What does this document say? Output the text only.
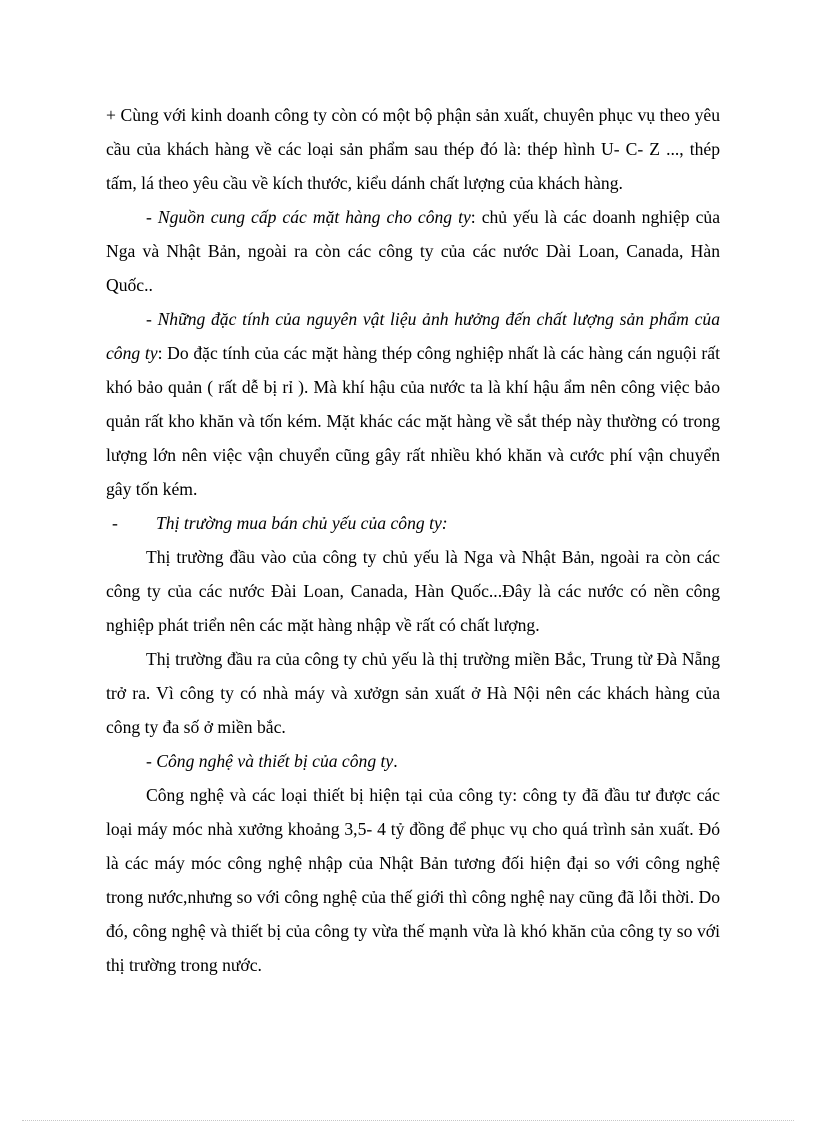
+ Cùng với kinh doanh công ty còn có một bộ phận sản xuất, chuyên phục vụ theo yêu cầu của khách hàng về các loại sản phẩm sau thép đó là: thép hình U- C- Z ..., thép tấm, lá theo yêu cầu về kích thước, kiểu dánh chất lượng của khách hàng.

- Nguồn cung cấp các mặt hàng cho công ty: chủ yếu là các doanh nghiệp của Nga và Nhật Bản, ngoài ra còn các công ty của các nước Dài Loan, Canada, Hàn Quốc..

- Những đặc tính của nguyên vật liệu ảnh hưởng đến chất lượng sản phẩm của công ty: Do đặc tính của các mặt hàng thép công nghiệp nhất là các hàng cán nguội rất khó bảo quản ( rất dễ bị rỉ ). Mà khí hậu của nước ta là khí hậu ẩm nên công việc bảo quản rất kho khăn và tốn kém. Mặt khác các mặt hàng về sắt thép này thường có trong lượng lớn nên việc vận chuyển cũng gây rất nhiều khó khăn và cước phí vận chuyển gây tốn kém.

- Thị trường mua bán chủ yếu của công ty:

Thị trường đầu vào của công ty chủ yếu là Nga và Nhật Bản, ngoài ra còn các công ty của các nước Đài Loan, Canada, Hàn Quốc...Đây là các nước có nền công nghiệp phát triển nên các mặt hàng nhập về rất có chất lượng.

Thị trường đầu ra của công ty chủ yếu là thị trường miền Bắc, Trung từ Đà Nẵng trở ra. Vì công ty có nhà máy và xưởgn sản xuất ở Hà Nội nên các khách hàng của công ty đa số ở miền bắc.

- Công nghệ và thiết bị của công ty.

Công nghệ và các loại thiết bị hiện tại của công ty: công ty đã đầu tư được các loại máy móc nhà xưởng khoảng 3,5- 4 tỷ đồng để phục vụ cho quá trình sản xuất. Đó là các máy móc công nghệ nhập của Nhật Bản tương đối hiện đại so với công nghệ trong nước,nhưng so với công nghệ của thế giới thì công nghệ nay cũng đã lỗi thời. Do đó, công nghệ và thiết bị của công ty vừa thế mạnh vừa là khó khăn của công ty so với thị trường trong nước.
